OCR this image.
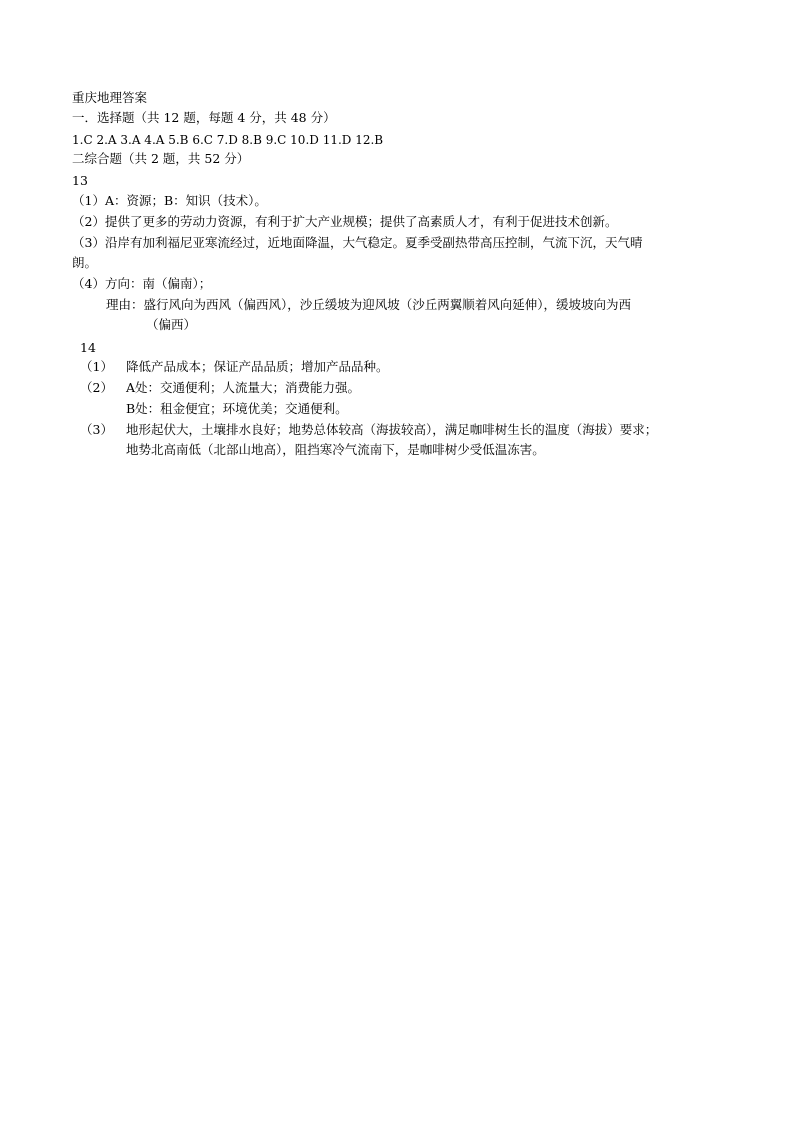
重庆地理答案
一．选择题（共 12 题，每题 4 分，共 48 分）
1.C 2.A 3.A 4.A 5.B 6.C 7.D 8.B 9.C 10.D 11.D 12.B
二综合题（共 2 题，共 52 分）
13
（1）A：资源；B：知识（技术）。
（2）提供了更多的劳动力资源，有利于扩大产业规模；提供了高素质人才，有利于促进技术创新。
（3）沿岸有加利福尼亚寒流经过，近地面降温，大气稳定。夏季受副热带高压控制，气流下沉，天气晴
朗。
（4）方向：南（偏南）；
理由：盛行风向为西风（偏西风），沙丘缓坡为迎风坡（沙丘两翼顺着风向延伸），缓坡坡向为西
（偏西）
14
（1） 降低产品成本；保证产品品质；增加产品品种。
（2） A处：交通便利；人流量大；消费能力强。
B处：租金便宜；环境优美；交通便利。
（3） 地形起伏大，土壤排水良好；地势总体较高（海拔较高），满足咖啡树生长的温度（海拔）要求；
地势北高南低（北部山地高），阻挡寒冷气流南下，是咖啡树少受低温冻害。
